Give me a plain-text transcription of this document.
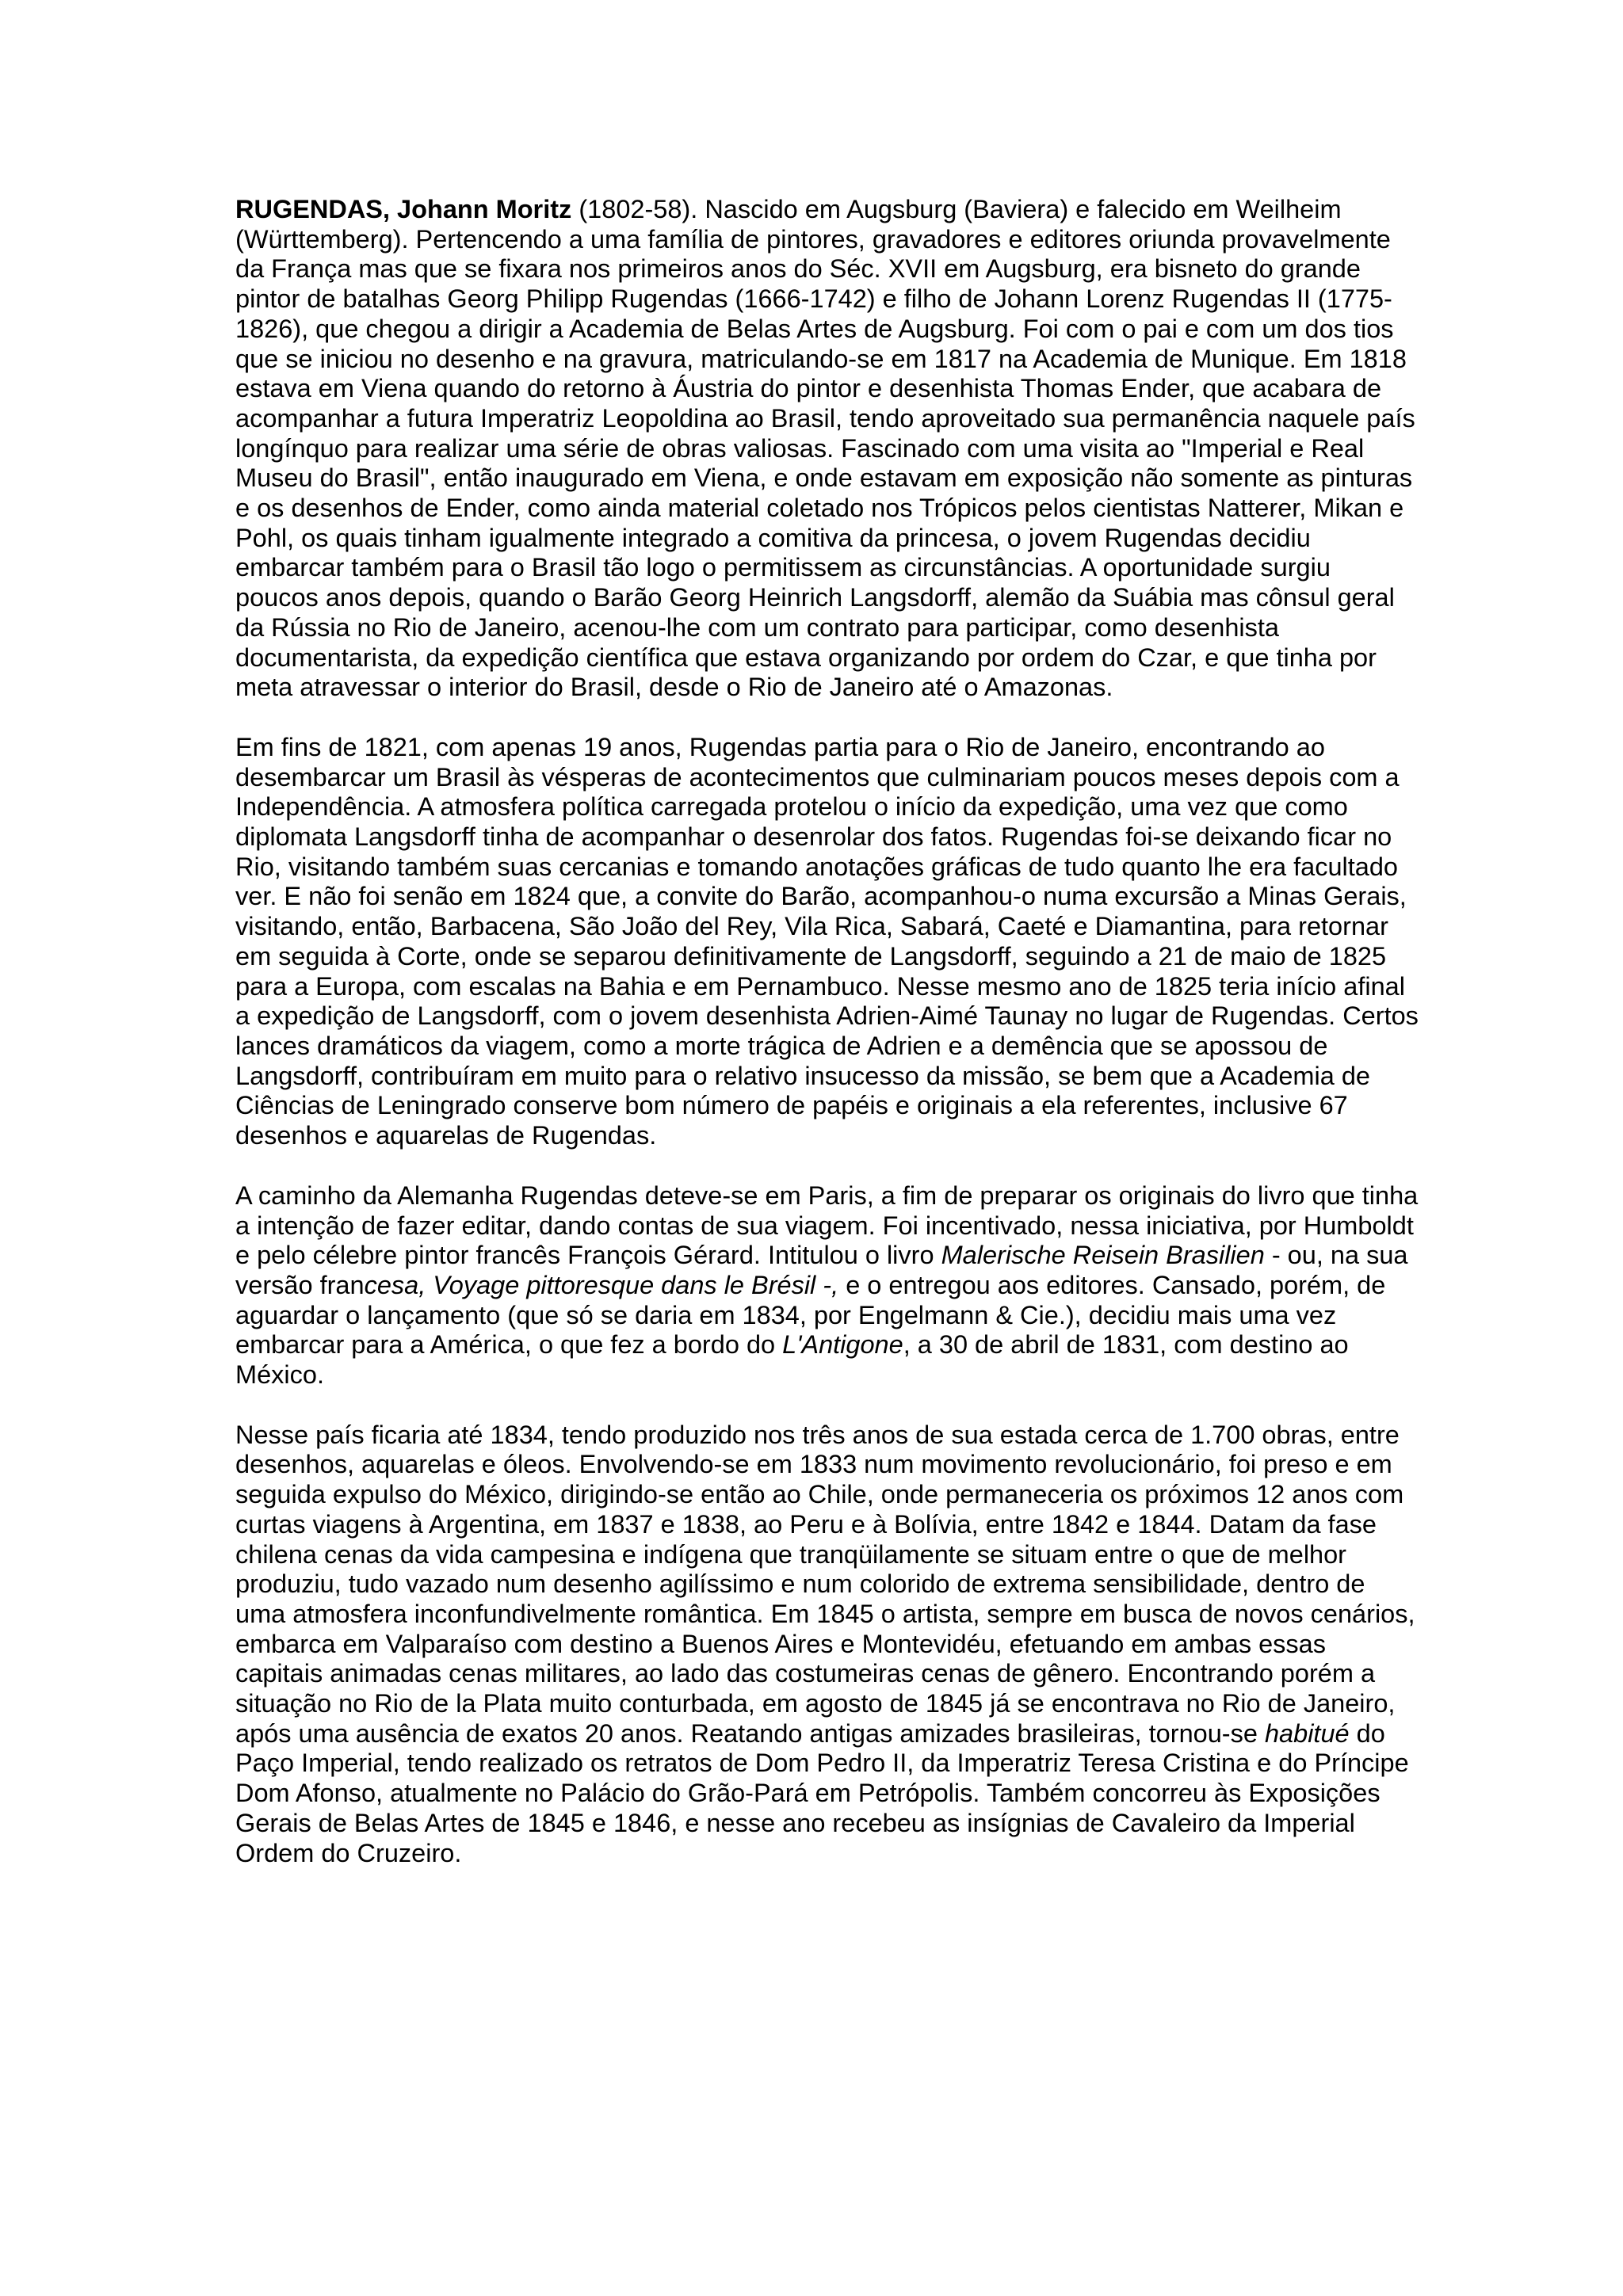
RUGENDAS, Johann Moritz (1802-58). Nascido em Augsburg (Baviera) e falecido em Weilheim (Württemberg). Pertencendo a uma família de pintores, gravadores e editores oriunda provavelmente da França mas que se fixara nos primeiros anos do Séc. XVII em Augsburg, era bisneto do grande pintor de batalhas Georg Philipp Rugendas (1666-1742) e filho de Johann Lorenz Rugendas II (1775-1826), que chegou a dirigir a Academia de Belas Artes de Augsburg. Foi com o pai e com um dos tios que se iniciou no desenho e na gravura, matriculando-se em 1817 na Academia de Munique. Em 1818 estava em Viena quando do retorno à Áustria do pintor e desenhista Thomas Ender, que acabara de acompanhar a futura Imperatriz Leopoldina ao Brasil, tendo aproveitado sua permanência naquele país longínquo para realizar uma série de obras valiosas. Fascinado com uma visita ao "Imperial e Real Museu do Brasil", então inaugurado em Viena, e onde estavam em exposição não somente as pinturas e os desenhos de Ender, como ainda material coletado nos Trópicos pelos cientistas Natterer, Mikan e Pohl, os quais tinham igualmente integrado a comitiva da princesa, o jovem Rugendas decidiu embarcar também para o Brasil tão logo o permitissem as circunstâncias. A oportunidade surgiu poucos anos depois, quando o Barão Georg Heinrich Langsdorff, alemão da Suábia mas cônsul geral da Rússia no Rio de Janeiro, acenou-lhe com um contrato para participar, como desenhista documentarista, da expedição científica que estava organizando por ordem do Czar, e que tinha por meta atravessar o interior do Brasil, desde o Rio de Janeiro até o Amazonas.

Em fins de 1821, com apenas 19 anos, Rugendas partia para o Rio de Janeiro, encontrando ao desembarcar um Brasil às vésperas de acontecimentos que culminariam poucos meses depois com a Independência. A atmosfera política carregada protelou o início da expedição, uma vez que como diplomata Langsdorff tinha de acompanhar o desenrolar dos fatos. Rugendas foi-se deixando ficar no Rio, visitando também suas cercanias e tomando anotações gráficas de tudo quanto lhe era facultado ver. E não foi senão em 1824 que, a convite do Barão, acompanhou-o numa excursão a Minas Gerais, visitando, então, Barbacena, São João del Rey, Vila Rica, Sabará, Caeté e Diamantina, para retornar em seguida à Corte, onde se separou definitivamente de Langsdorff, seguindo a 21 de maio de 1825 para a Europa, com escalas na Bahia e em Pernambuco. Nesse mesmo ano de 1825 teria início afinal a expedição de Langsdorff, com o jovem desenhista Adrien-Aimé Taunay no lugar de Rugendas. Certos lances dramáticos da viagem, como a morte trágica de Adrien e a demência que se apossou de Langsdorff, contribuíram em muito para o relativo insucesso da missão, se bem que a Academia de Ciências de Leningrado conserve bom número de papéis e originais a ela referentes, inclusive 67 desenhos e aquarelas de Rugendas.

A caminho da Alemanha Rugendas deteve-se em Paris, a fim de preparar os originais do livro que tinha a intenção de fazer editar, dando contas de sua viagem. Foi incentivado, nessa iniciativa, por Humboldt e pelo célebre pintor francês François Gérard. Intitulou o livro Malerische Reisein Brasilien - ou, na sua versão francesa, Voyage pittoresque dans le Brésil -, e o entregou aos editores. Cansado, porém, de aguardar o lançamento (que só se daria em 1834, por Engelmann & Cie.), decidiu mais uma vez embarcar para a América, o que fez a bordo do L'Antigone, a 30 de abril de 1831, com destino ao México.

Nesse país ficaria até 1834, tendo produzido nos três anos de sua estada cerca de 1.700 obras, entre desenhos, aquarelas e óleos. Envolvendo-se em 1833 num movimento revolucionário, foi preso e em seguida expulso do México, dirigindo-se então ao Chile, onde permaneceria os próximos 12 anos com curtas viagens à Argentina, em 1837 e 1838, ao Peru e à Bolívia, entre 1842 e 1844. Datam da fase chilena cenas da vida campesina e indígena que tranqüilamente se situam entre o que de melhor produziu, tudo vazado num desenho agilíssimo e num colorido de extrema sensibilidade, dentro de uma atmosfera inconfundivelmente romântica. Em 1845 o artista, sempre em busca de novos cenários, embarca em Valparaíso com destino a Buenos Aires e Montevidéu, efetuando em ambas essas capitais animadas cenas militares, ao lado das costumeiras cenas de gênero. Encontrando porém a situação no Rio de la Plata muito conturbada, em agosto de 1845 já se encontrava no Rio de Janeiro, após uma ausência de exatos 20 anos. Reatando antigas amizades brasileiras, tornou-se habitué do Paço Imperial, tendo realizado os retratos de Dom Pedro II, da Imperatriz Teresa Cristina e do Príncipe Dom Afonso, atualmente no Palácio do Grão-Pará em Petrópolis. Também concorreu às Exposições Gerais de Belas Artes de 1845 e 1846, e nesse ano recebeu as insígnias de Cavaleiro da Imperial Ordem do Cruzeiro.
